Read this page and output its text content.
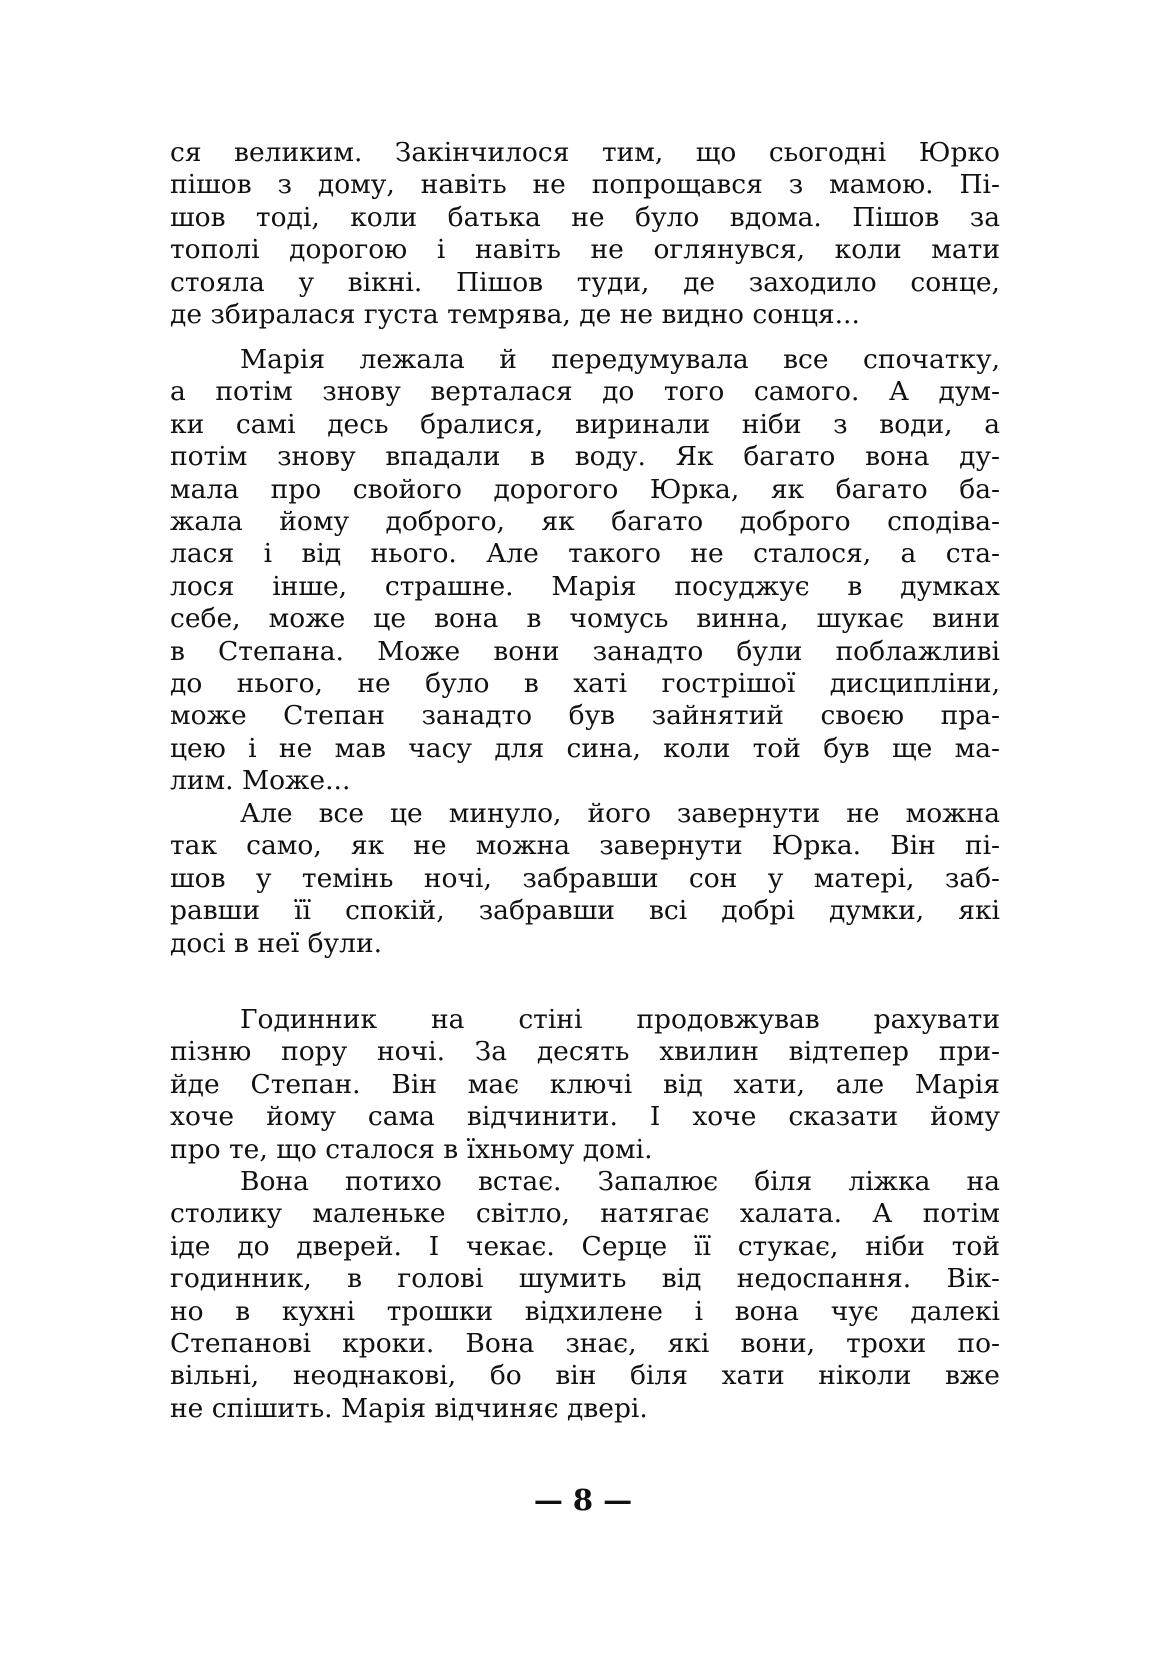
ся великим. Закінчилося тим, що сьогодні Юрко
пішов з дому, навіть не попрощався з мамою. Пі-
шов тоді, коли батька не було вдома. Пішов за
тополі дорогою і навіть не оглянувся, коли мати
стояла у вікні. Пішов туди, де заходило сонце,
де збиралася густа темрява, де не видно сонця...
Марія лежала й передумувала все спочатку,
а потім знову верталася до того самого. А дум-
ки самі десь бралися, виринали ніби з води, а
потім знову впадали в воду. Як багато вона ду-
мала про свойого дорогого Юрка, як багато ба-
жала йому доброго, як багато доброго сподіва-
лася і від нього. Але такого не сталося, а ста-
лося інше, страшне. Марія посуджує в думках
себе, може це вона в чомусь винна, шукає вини
в Степана. Може вони занадто були поблажливі
до нього, не було в хаті гострішої дисципліни,
може Степан занадто був зайнятий своєю пра-
цею і не мав часу для сина, коли той був ще ма-
лим. Може...
Але все це минуло, його завернути не можна
так само, як не можна завернути Юрка. Він пі-
шов у темінь ночі, забравши сон у матері, заб-
равши її спокій, забравши всі добрі думки, які
досі в неї були.
Годинник на стіні продовжував рахувати
пізню пору ночі. За десять хвилин відтепер при-
йде Степан. Він має ключі від хати, але Марія
хоче йому сама відчинити. І хоче сказати йому
про те, що сталося в їхньому домі.
Вона потихо встає. Запалює біля ліжка на
столику маленьке світло, натягає халата. А потім
іде до дверей. І чекає. Серце її стукає, ніби той
годинник, в голові шумить від недоспання. Вік-
но в кухні трошки відхилене і вона чує далекі
Степанові кроки. Вона знає, які вони, трохи по-
вільні, неоднакові, бо він біля хати ніколи вже
не спішить. Марія відчиняє двері.
— 8 —
